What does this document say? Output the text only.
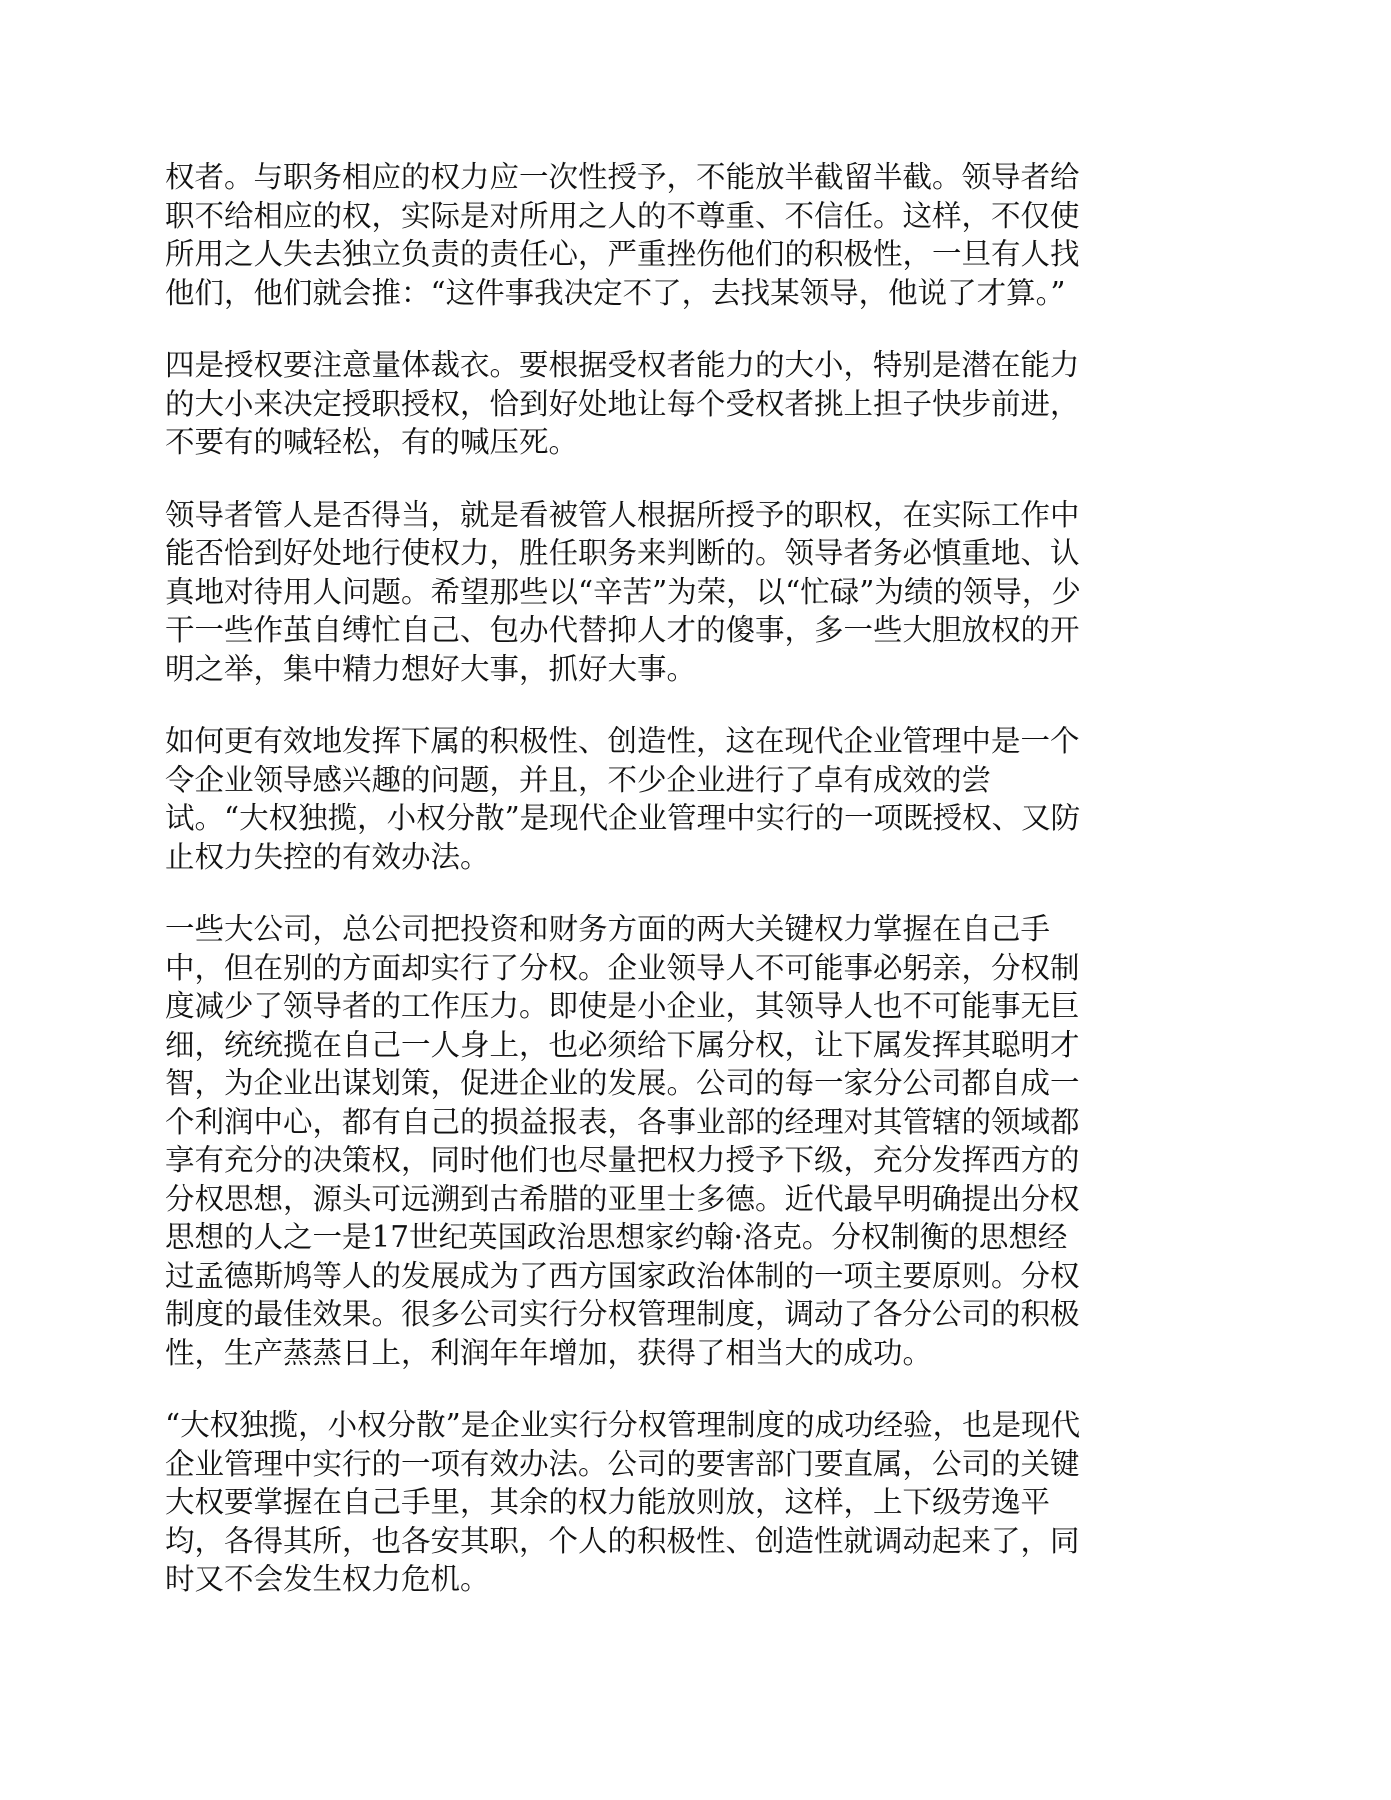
权者。与职务相应的权力应一次性授予，不能放半截留半截。领导者给
职不给相应的权，实际是对所用之人的不尊重、不信任。这样，不仅使
所用之人失去独立负责的责任心，严重挫伤他们的积极性，一旦有人找
他们，他们就会推：“这件事我决定不了，去找某领导，他说了才算。”

四是授权要注意量体裁衣。要根据受权者能力的大小，特别是潜在能力
的大小来决定授职授权，恰到好处地让每个受权者挑上担子快步前进，
不要有的喊轻松，有的喊压死。

领导者管人是否得当，就是看被管人根据所授予的职权，在实际工作中
能否恰到好处地行使权力，胜任职务来判断的。领导者务必慎重地、认
真地对待用人问题。希望那些以“辛苦”为荣，以“忙碌”为绩的领导，少
干一些作茧自缚忙自己、包办代替抑人才的傻事，多一些大胆放权的开
明之举，集中精力想好大事，抓好大事。

如何更有效地发挥下属的积极性、创造性，这在现代企业管理中是一个
令企业领导感兴趣的问题，并且，不少企业进行了卓有成效的尝
试。“大权独揽，小权分散”是现代企业管理中实行的一项既授权、又防
止权力失控的有效办法。

一些大公司，总公司把投资和财务方面的两大关键权力掌握在自己手
中，但在别的方面却实行了分权。企业领导人不可能事必躬亲，分权制
度减少了领导者的工作压力。即使是小企业，其领导人也不可能事无巨
细，统统揽在自己一人身上，也必须给下属分权，让下属发挥其聪明才
智，为企业出谋划策，促进企业的发展。公司的每一家分公司都自成一
个利润中心，都有自己的损益报表，各事业部的经理对其管辖的领域都
享有充分的决策权，同时他们也尽量把权力授予下级，充分发挥西方的
分权思想，源头可远溯到古希腊的亚里士多德。近代最早明确提出分权
思想的人之一是17世纪英国政治思想家约翰·洛克。分权制衡的思想经
过孟德斯鸠等人的发展成为了西方国家政治体制的一项主要原则。分权
制度的最佳效果。很多公司实行分权管理制度，调动了各分公司的积极
性，生产蒸蒸日上，利润年年增加，获得了相当大的成功。

“大权独揽，小权分散”是企业实行分权管理制度的成功经验，也是现代
企业管理中实行的一项有效办法。公司的要害部门要直属，公司的关键
大权要掌握在自己手里，其余的权力能放则放，这样，上下级劳逸平
均，各得其所，也各安其职，个人的积极性、创造性就调动起来了，同
时又不会发生权力危机。
